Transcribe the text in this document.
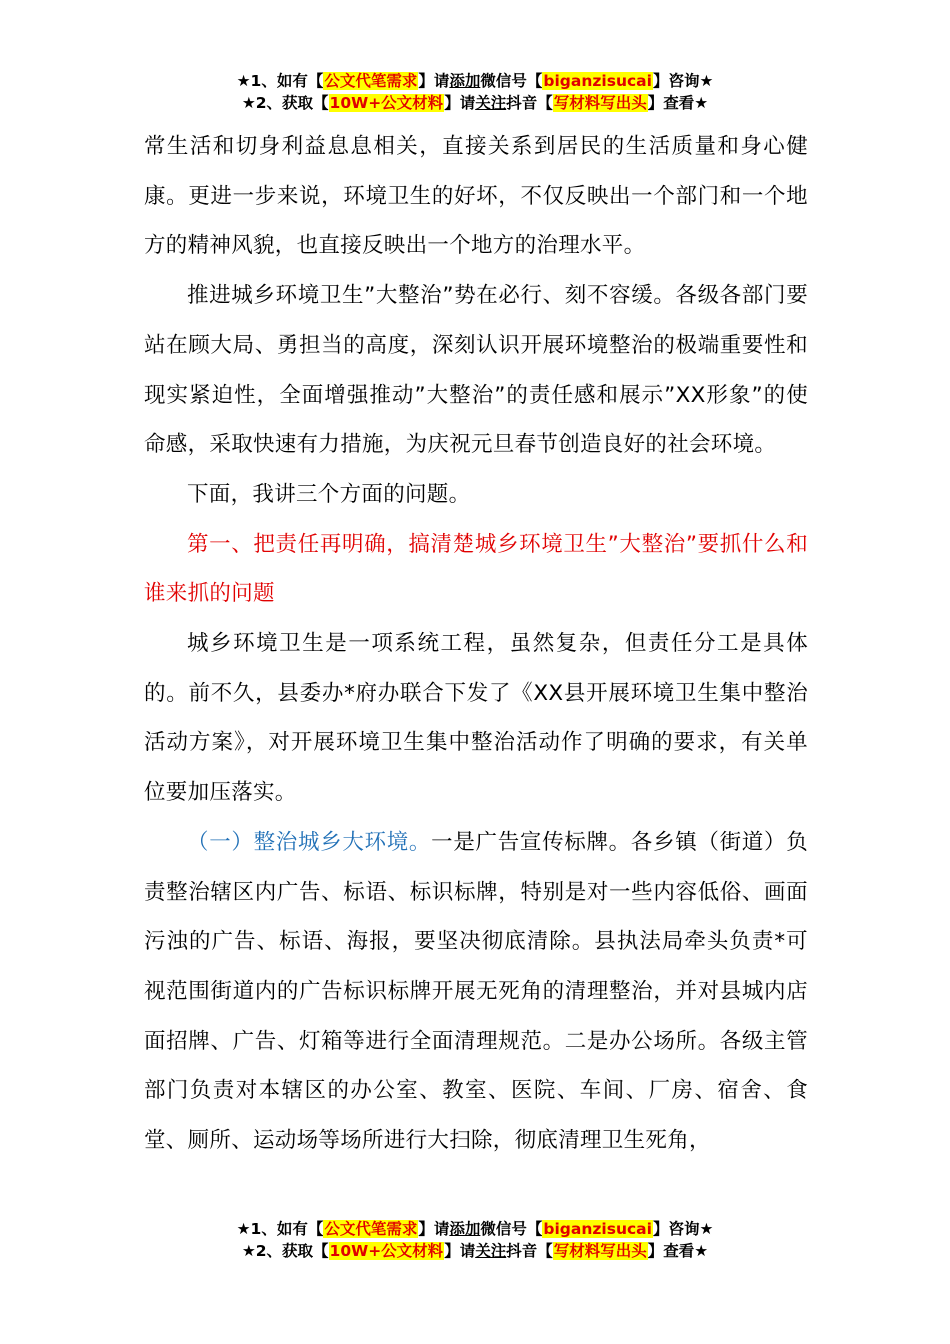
★1、如有【公文代笔需求】请添加微信号【biganzisucai】咨询★
★2、获取【10W+公文材料】请关注抖音【写材料写出头】查看★

常生活和切身利益息息相关，直接关系到居民的生活质量和身心健康。更进一步来说，环境卫生的好坏，不仅反映出一个部门和一个地方的精神风貌，也直接反映出一个地方的治理水平。

推进城乡环境卫生”大整治”势在必行、刻不容缓。各级各部门要站在顾大局、勇担当的高度，深刻认识开展环境整治的极端重要性和现实紧迫性，全面增强推动”大整治”的责任感和展示”XX形象”的使命感，采取快速有力措施，为庆祝元旦春节创造良好的社会环境。

下面，我讲三个方面的问题。

第一、把责任再明确，搞清楚城乡环境卫生”大整治”要抓什么和谁来抓的问题

城乡环境卫生是一项系统工程，虽然复杂，但责任分工是具体的。前不久，县委办*府办联合下发了《XX县开展环境卫生集中整治活动方案》，对开展环境卫生集中整治活动作了明确的要求，有关单位要加压落实。

（一）整治城乡大环境。一是广告宣传标牌。各乡镇（街道）负责整治辖区内广告、标语、标识标牌，特别是对一些内容低俗、画面污浊的广告、标语、海报，要坚决彻底清除。县执法局牵头负责*可视范围街道内的广告标识标牌开展无死角的清理整治，并对县城内店面招牌、广告、灯箱等进行全面清理规范。二是办公场所。各级主管部门负责对本辖区的办公室、教室、医院、车间、厂房、宿舍、食堂、厕所、运动场等场所进行大扫除，彻底清理卫生死角，

★1、如有【公文代笔需求】请添加微信号【biganzisucai】咨询★
★2、获取【10W+公文材料】请关注抖音【写材料写出头】查看★
